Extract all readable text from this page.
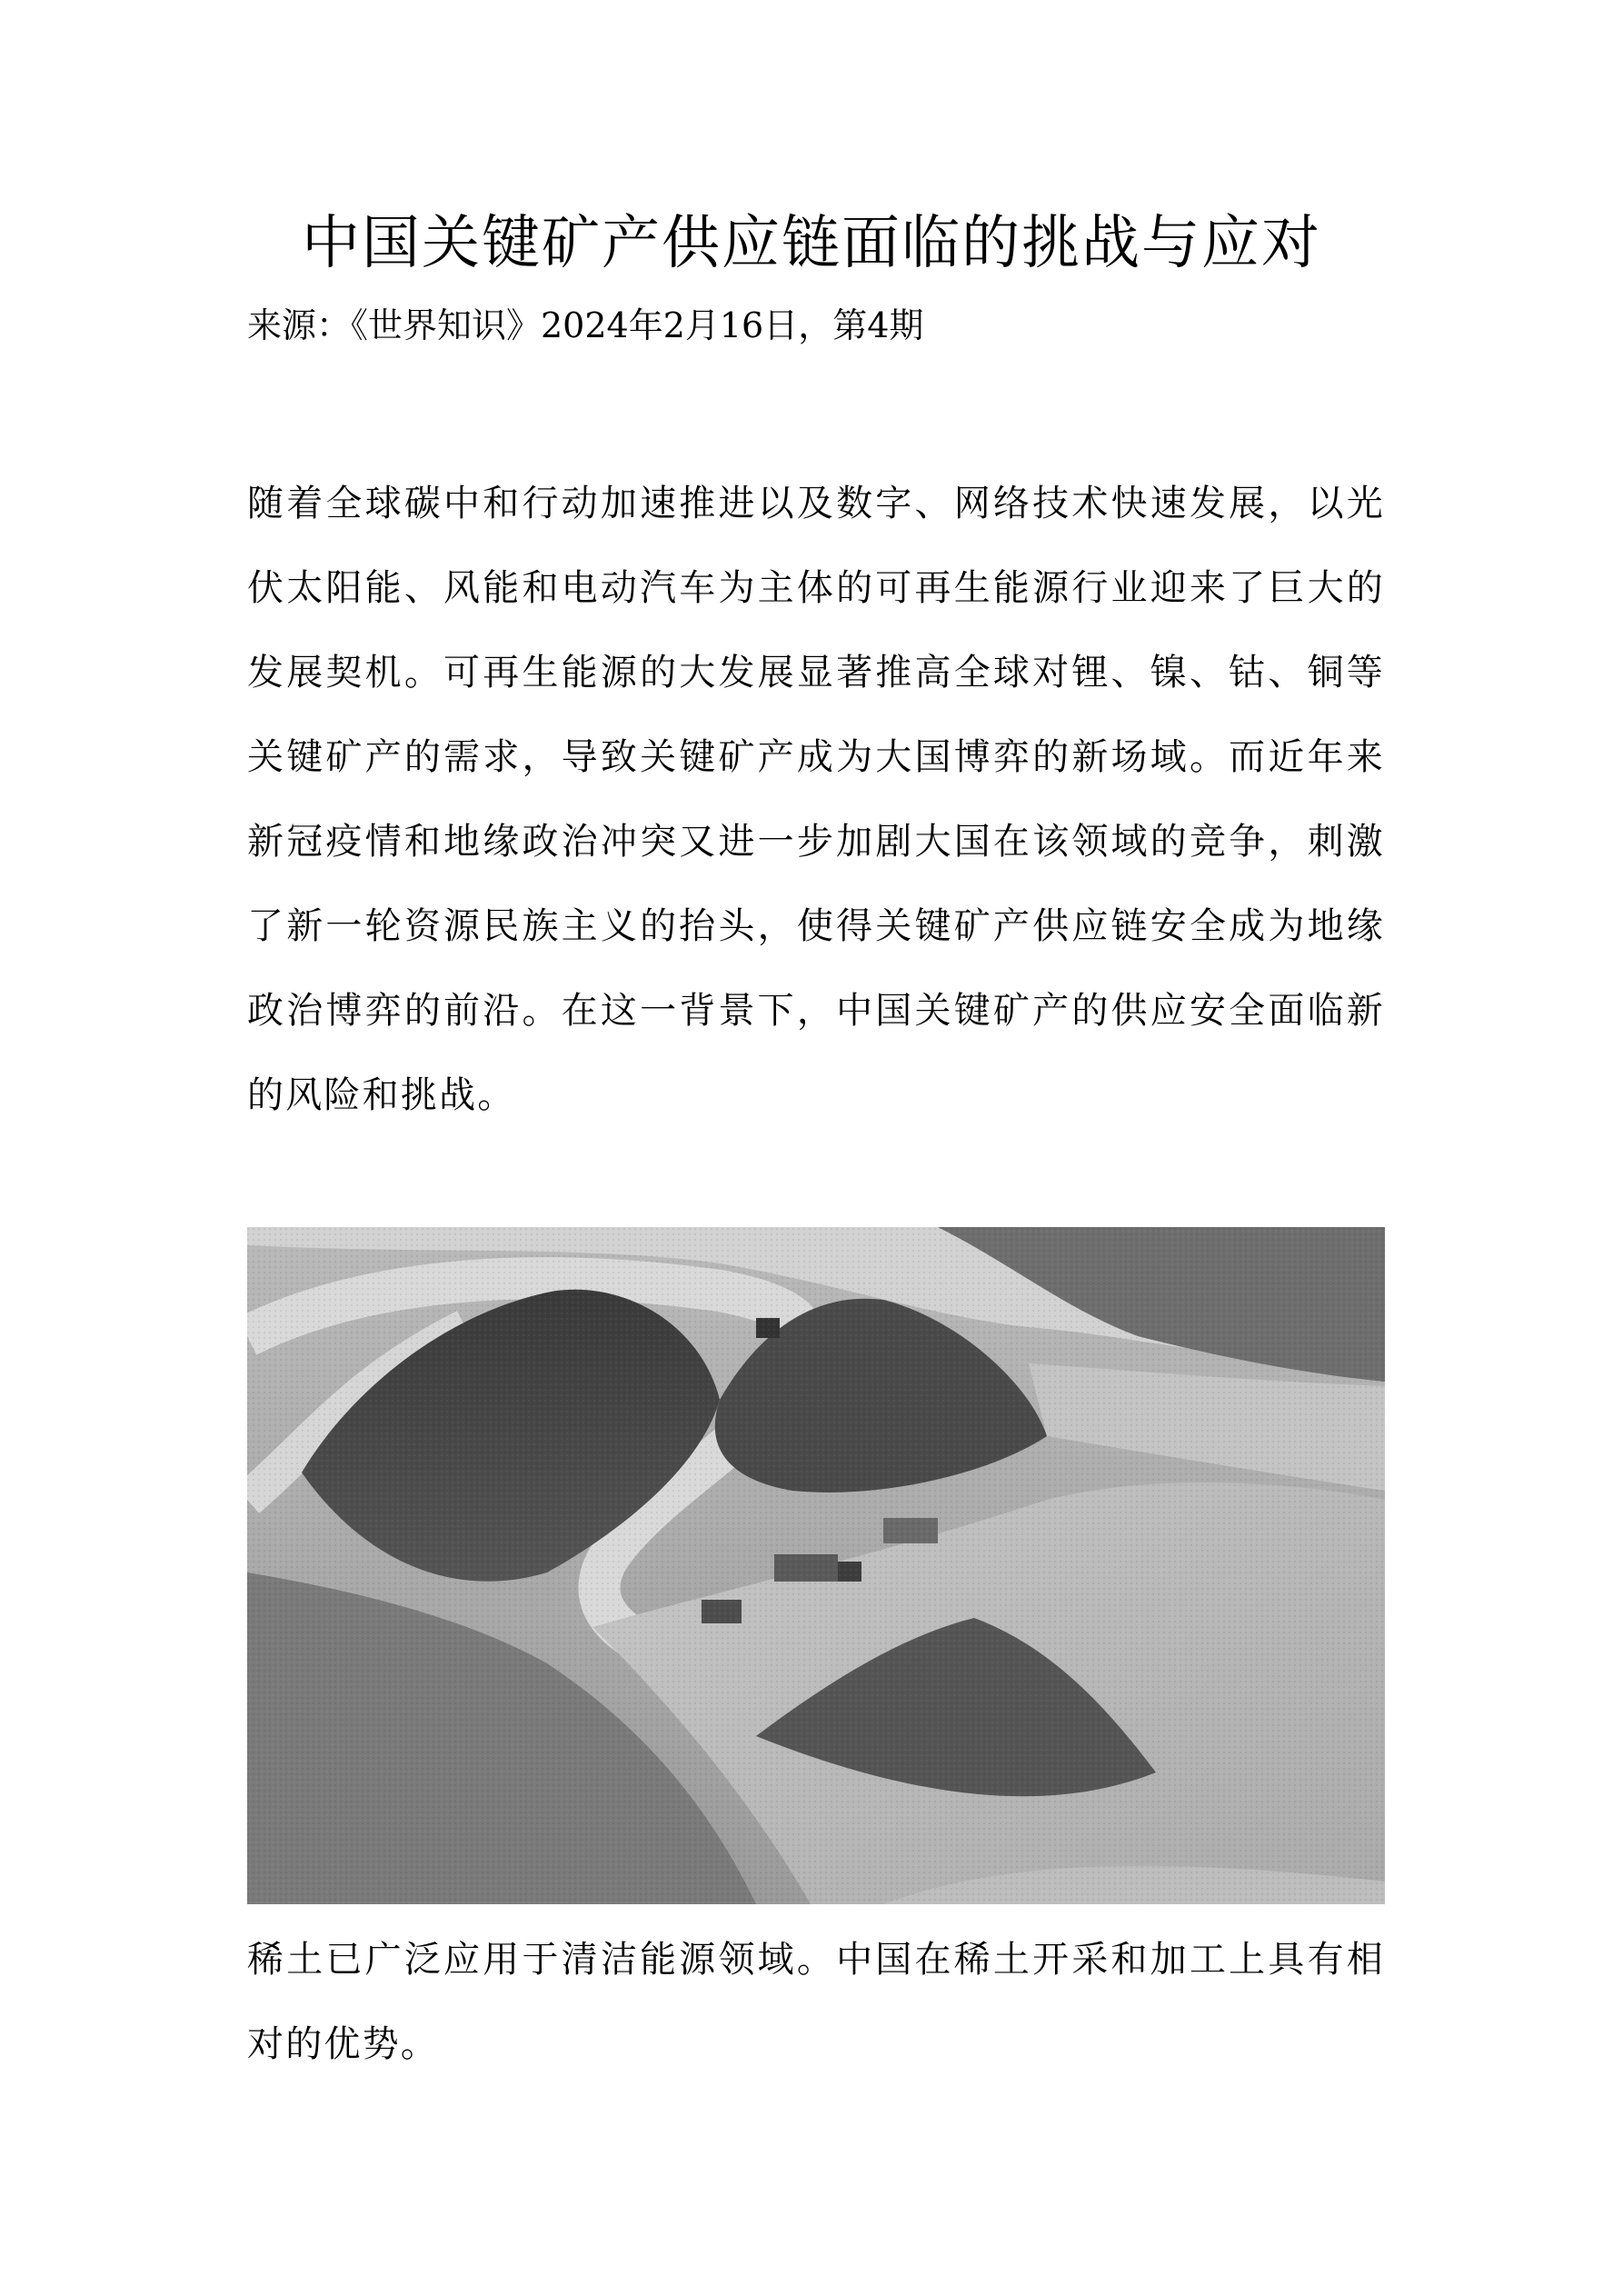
中国关键矿产供应链面临的挑战与应对
来源：《世界知识》2024年2月16日，第4期

随着全球碳中和行动加速推进以及数字、网络技术快速发展，以光伏太阳能、风能和电动汽车为主体的可再生能源行业迎来了巨大的发展契机。可再生能源的大发展显著推高全球对锂、镍、钴、铜等关键矿产的需求，导致关键矿产成为大国博弈的新场域。而近年来新冠疫情和地缘政治冲突又进一步加剧大国在该领域的竞争，刺激了新一轮资源民族主义的抬头，使得关键矿产供应链安全成为地缘政治博弈的前沿。在这一背景下，中国关键矿产的供应安全面临新的风险和挑战。

稀土已广泛应用于清洁能源领域。中国在稀土开采和加工上具有相对的优势。
